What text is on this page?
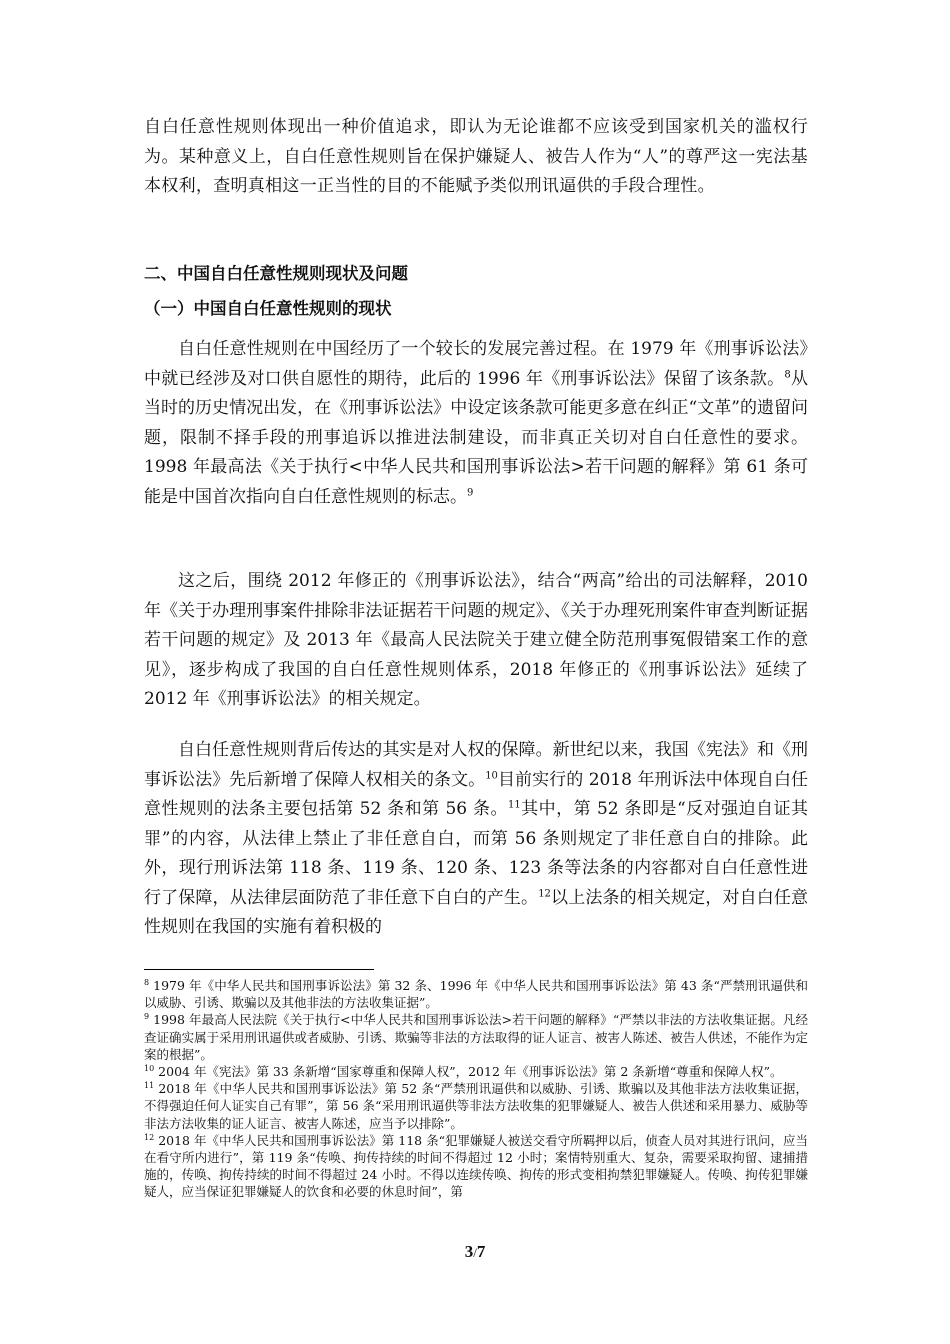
自白任意性规则体现出一种价值追求，即认为无论谁都不应该受到国家机关的滥权行为。某种意义上，自白任意性规则旨在保护嫌疑人、被告人作为“人”的尊严这一宪法基本权利，查明真相这一正当性的目的不能赋予类似刑讯逼供的手段合理性。

二、中国自白任意性规则现状及问题
（一）中国自白任意性规则的现状

自白任意性规则在中国经历了一个较长的发展完善过程。在 1979 年《刑事诉讼法》中就已经涉及对口供自愿性的期待，此后的 1996 年《刑事诉讼法》保留了该条款。$^8$从当时的历史情况出发，在《刑事诉讼法》中设定该条款可能更多意在纠正“文革”的遗留问题，限制不择手段的刑事追诉以推进法制建设，而非真正关切对自白任意性的要求。1998 年最高法《关于执行<中华人民共和国刑事诉讼法>若干问题的解释》第 61 条可能是中国首次指向自白任意性规则的标志。$^9$

这之后，围绕 2012 年修正的《刑事诉讼法》，结合“两高”给出的司法解释，2010 年《关于办理刑事案件排除非法证据若干问题的规定》、《关于办理死刑案件审查判断证据若干问题的规定》及 2013 年《最高人民法院关于建立健全防范刑事冤假错案工作的意见》，逐步构成了我国的自白任意性规则体系，2018 年修正的《刑事诉讼法》延续了 2012 年《刑事诉讼法》的相关规定。

自白任意性规则背后传达的其实是对人权的保障。新世纪以来，我国《宪法》和《刑事诉讼法》先后新增了保障人权相关的条文。$^{10}$目前实行的 2018 年刑诉法中体现自白任意性规则的法条主要包括第 52 条和第 56 条。$^{11}$其中，第 52 条即是“反对强迫自证其罪”的内容，从法律上禁止了非任意自白，而第 56 条则规定了非任意自白的排除。此外，现行刑诉法第 118 条、119 条、120 条、123 条等法条的内容都对自白任意性进行了保障，从法律层面防范了非任意下自白的产生。$^{12}$以上法条的相关规定，对自白任意性规则在我国的实施有着积极的

$^8$ 1979 年《中华人民共和国刑事诉讼法》第 32 条、1996 年《中华人民共和国刑事诉讼法》第 43 条“严禁刑讯逼供和以威胁、引诱、欺骗以及其他非法的方法收集证据”。

$^9$ 1998 年最高人民法院《关于执行<中华人民共和国刑事诉讼法>若干问题的解释》“严禁以非法的方法收集证据。凡经查证确实属于采用刑讯逼供或者威胁、引诱、欺骗等非法的方法取得的证人证言、被害人陈述、被告人供述，不能作为定案的根据”。

$^{10}$ 2004 年《宪法》第 33 条新增“国家尊重和保障人权”，2012 年《刑事诉讼法》第 2 条新增“尊重和保障人权”。

$^{11}$ 2018 年《中华人民共和国刑事诉讼法》第 52 条“严禁刑讯逼供和以威胁、引诱、欺骗以及其他非法方法收集证据，不得强迫任何人证实自己有罪”，第 56 条“采用刑讯逼供等非法方法收集的犯罪嫌疑人、被告人供述和采用暴力、威胁等非法方法收集的证人证言、被害人陈述，应当予以排除”。

$^{12}$ 2018 年《中华人民共和国刑事诉讼法》第 118 条“犯罪嫌疑人被送交看守所羁押以后，侦查人员对其进行讯问，应当在看守所内进行”，第 119 条“传唤、拘传持续的时间不得超过 12 小时；案情特别重大、复杂，需要采取拘留、逮捕措施的，传唤、拘传持续的时间不得超过 24 小时。不得以连续传唤、拘传的形式变相拘禁犯罪嫌疑人。传唤、拘传犯罪嫌疑人，应当保证犯罪嫌疑人的饮食和必要的休息时间”，第

3/7
